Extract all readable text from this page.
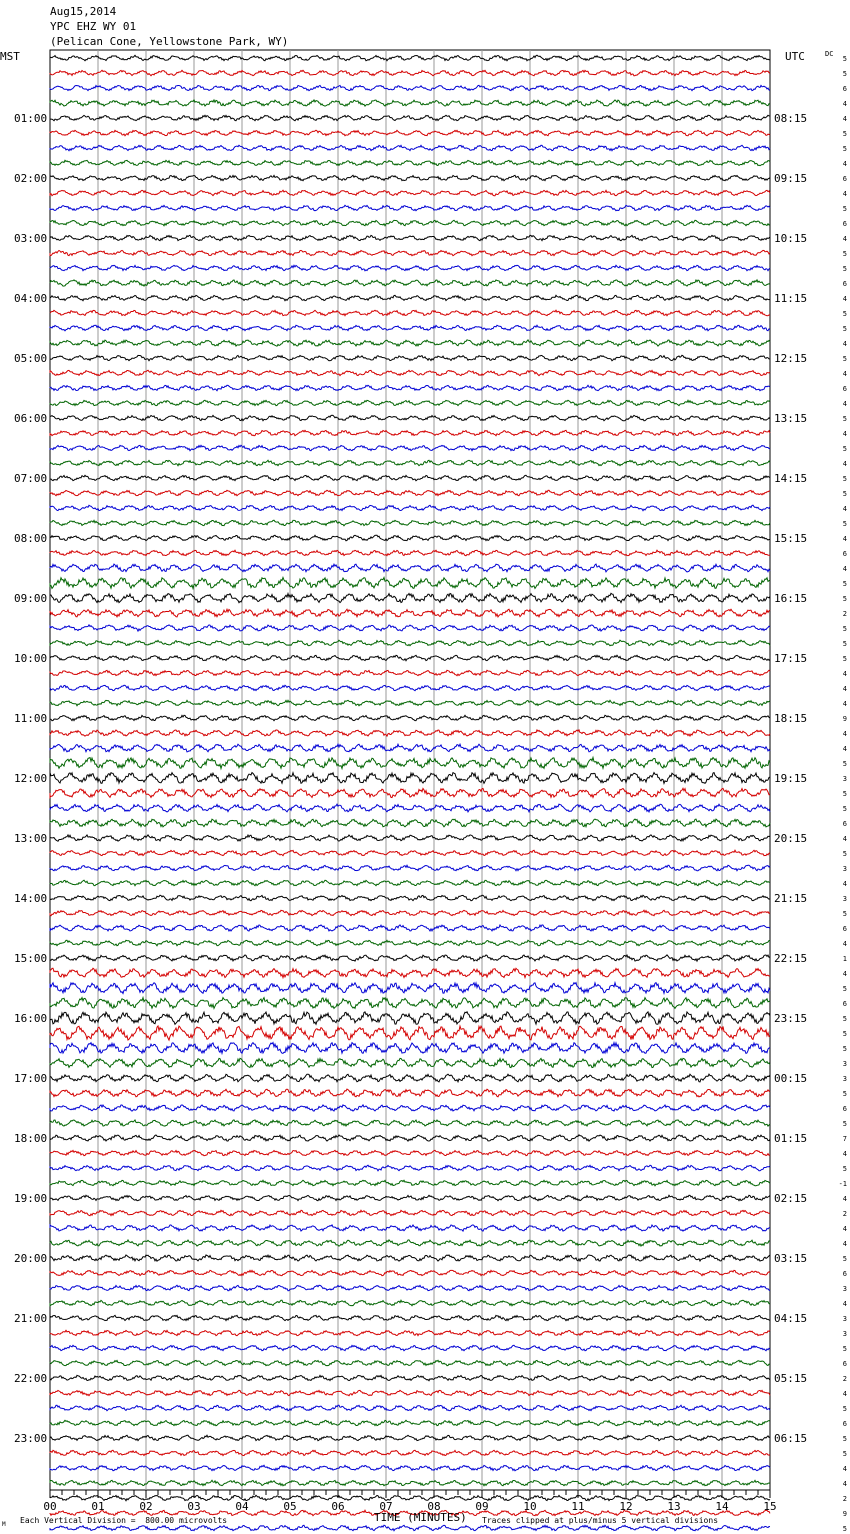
MST	UTC	DC
01:00
02:00
03:00
04:00
05:00
06:00
07:00
08:00
09:00
10:00
11:00
12:00
13:00
14:00
15:00
16:00
17:00
18:00
19:00
20:00
21:00
22:00
23:00
08:15
09:15
10:15
11:15
12:15
13:15
14:15
15:15
16:15
17:15
18:15
19:15
20:15
21:15
22:15
23:15
00:15
01:15
02:15
03:15
04:15
05:15
06:15
5
5
6
4
4
5
5
4
6
4
5
6
4
5
5
6
4
5
5
4
5
4
6
4
5
4
5
4
5
5
4
5
4
6
4
5
5
2
5
5
5
4
4
4
9
4
4
5
3
5
5
6
4
5
3
4
3
5
6
4
1
4
5
6
5
5
5
3
3
5
6
5
7
4
5
-1
4
2
4
4
5
6
3
4
3
3
5
6
2
4
5
6
5
5
4
4
2
9
5
00	01	02	03	04	05	06	07	08	09	10	11	12	13	14	15
Aug15,2014
YPC EHZ WY 01
(Pelican Cone, Yellowstone Park, WY)
TIME (MINUTES)
Each Vertical Division =  800.00 microvolts	Traces clipped at plus/minus 5 vertical divisions
M
